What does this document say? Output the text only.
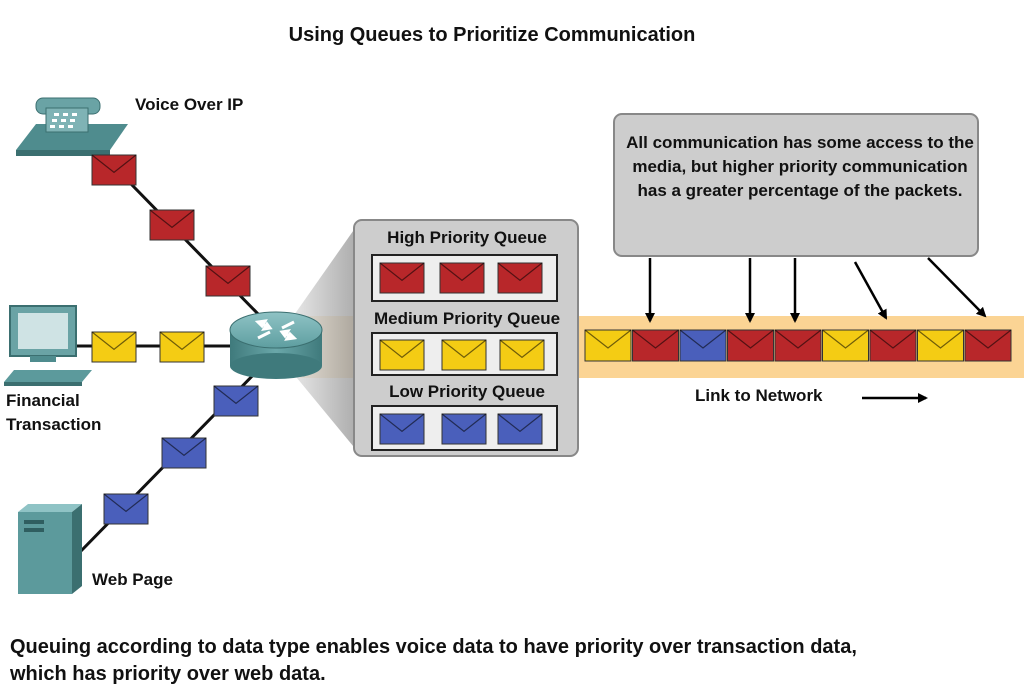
Using Queues to Prioritize Communication
Voice Over IP
Financial
Transaction
Web Page
High Priority Queue
Medium Priority Queue
Low Priority Queue
All communication has some access to the
media, but higher priority communication
has a greater percentage of the packets.
Link to Network
Queuing according to data type enables voice data to have priority over transaction data,
which has priority over web data.
